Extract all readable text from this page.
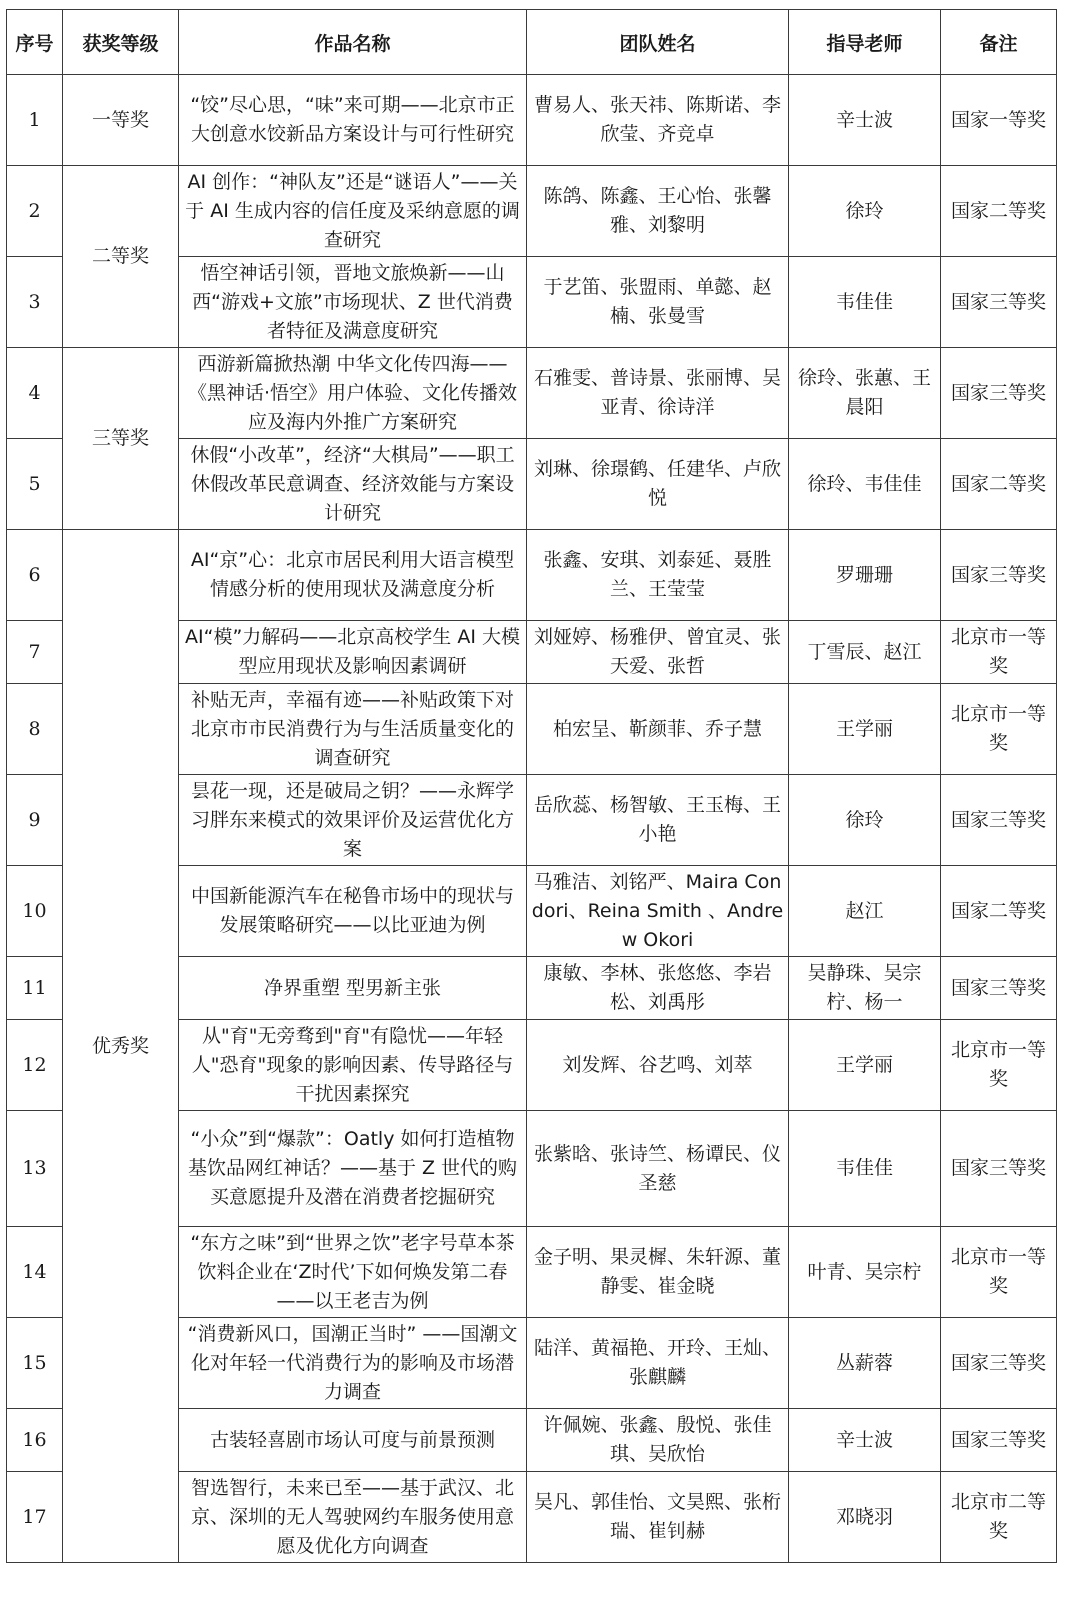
序号	获奖等级	作品名称	团队姓名	指导老师	备注
1	一等奖	“饺”尽心思，“味”来可期——北京市正大创意水饺新品方案设计与可行性研究	曹易人、张天祎、陈斯诺、李欣莹、齐竞卓	辛士波	国家一等奖
2	二等奖	AI 创作：“神队友”还是“谜语人”——关于 AI 生成内容的信任度及采纳意愿的调查研究	陈鸽、陈鑫、王心怡、张馨雅、刘黎明	徐玲	国家二等奖
3		悟空神话引领，晋地文旅焕新——山西“游戏+文旅”市场现状、Z 世代消费者特征及满意度研究	于艺笛、张盟雨、单懿、赵楠、张曼雪	韦佳佳	国家三等奖
4	三等奖	西游新篇掀热潮 中华文化传四海——《黑神话·悟空》用户体验、文化传播效应及海内外推广方案研究	石雅雯、普诗景、张丽博、吴亚青、徐诗洋	徐玲、张蕙、王晨阳	国家三等奖
5		休假“小改革”，经济“大棋局”——职工休假改革民意调查、经济效能与方案设计研究	刘琳、徐璟鹤、任建华、卢欣悦	徐玲、韦佳佳	国家二等奖
6	优秀奖	AI“京”心：北京市居民利用大语言模型情感分析的使用现状及满意度分析	张鑫、安琪、刘泰延、聂胜兰、王莹莹	罗珊珊	国家三等奖
7		AI“模”力解码——北京高校学生 AI 大模型应用现状及影响因素调研	刘娅婷、杨雅伊、曾宜灵、张天爱、张哲	丁雪辰、赵江	北京市一等奖
8		补贴无声，幸福有迹——补贴政策下对北京市市民消费行为与生活质量变化的调查研究	柏宏呈、靳颜菲、乔子慧	王学丽	北京市一等奖
9		昙花一现，还是破局之钥？——永辉学习胖东来模式的效果评价及运营优化方案	岳欣蕊、杨智敏、王玉梅、王小艳	徐玲	国家三等奖
10		中国新能源汽车在秘鲁市场中的现状与发展策略研究——以比亚迪为例	马雅洁、刘铭严、Maira Condori、Reina Smith 、Andrew Okori	赵江	国家二等奖
11		净界重塑 型男新主张	康敏、李林、张悠悠、李岩松、刘禹彤	吴静珠、吴宗柠、杨一	国家三等奖
12		从"育"无旁骛到"育"有隐忧——年轻人"恐育"现象的影响因素、传导路径与干扰因素探究	刘发辉、谷艺鸣、刘萃	王学丽	北京市一等奖
13		“小众”到“爆款”：Oatly 如何打造植物基饮品网红神话？——基于 Z 世代的购买意愿提升及潜在消费者挖掘研究	张紫晗、张诗竺、杨谭民、仪圣慈	韦佳佳	国家三等奖
14		“东方之味”到“世界之饮”老字号草本茶饮料企业在‘Z时代’下如何焕发第二春——以王老吉为例	金子明、果灵樨、朱轩源、董静雯、崔金晓	叶青、吴宗柠	北京市一等奖
15		“消费新风口，国潮正当时” ——国潮文化对年轻一代消费行为的影响及市场潜力调查	陆洋、黄福艳、开玲、王灿、张麒麟	丛薪蓉	国家三等奖
16		古装轻喜剧市场认可度与前景预测	许佩婉、张鑫、殷悦、张佳琪、吴欣怡	辛士波	国家三等奖
17		智选智行，未来已至——基于武汉、北京、深圳的无人驾驶网约车服务使用意愿及优化方向调查	吴凡、郭佳怡、文昊熙、张桁瑞、崔钊赫	邓晓羽	北京市二等奖
